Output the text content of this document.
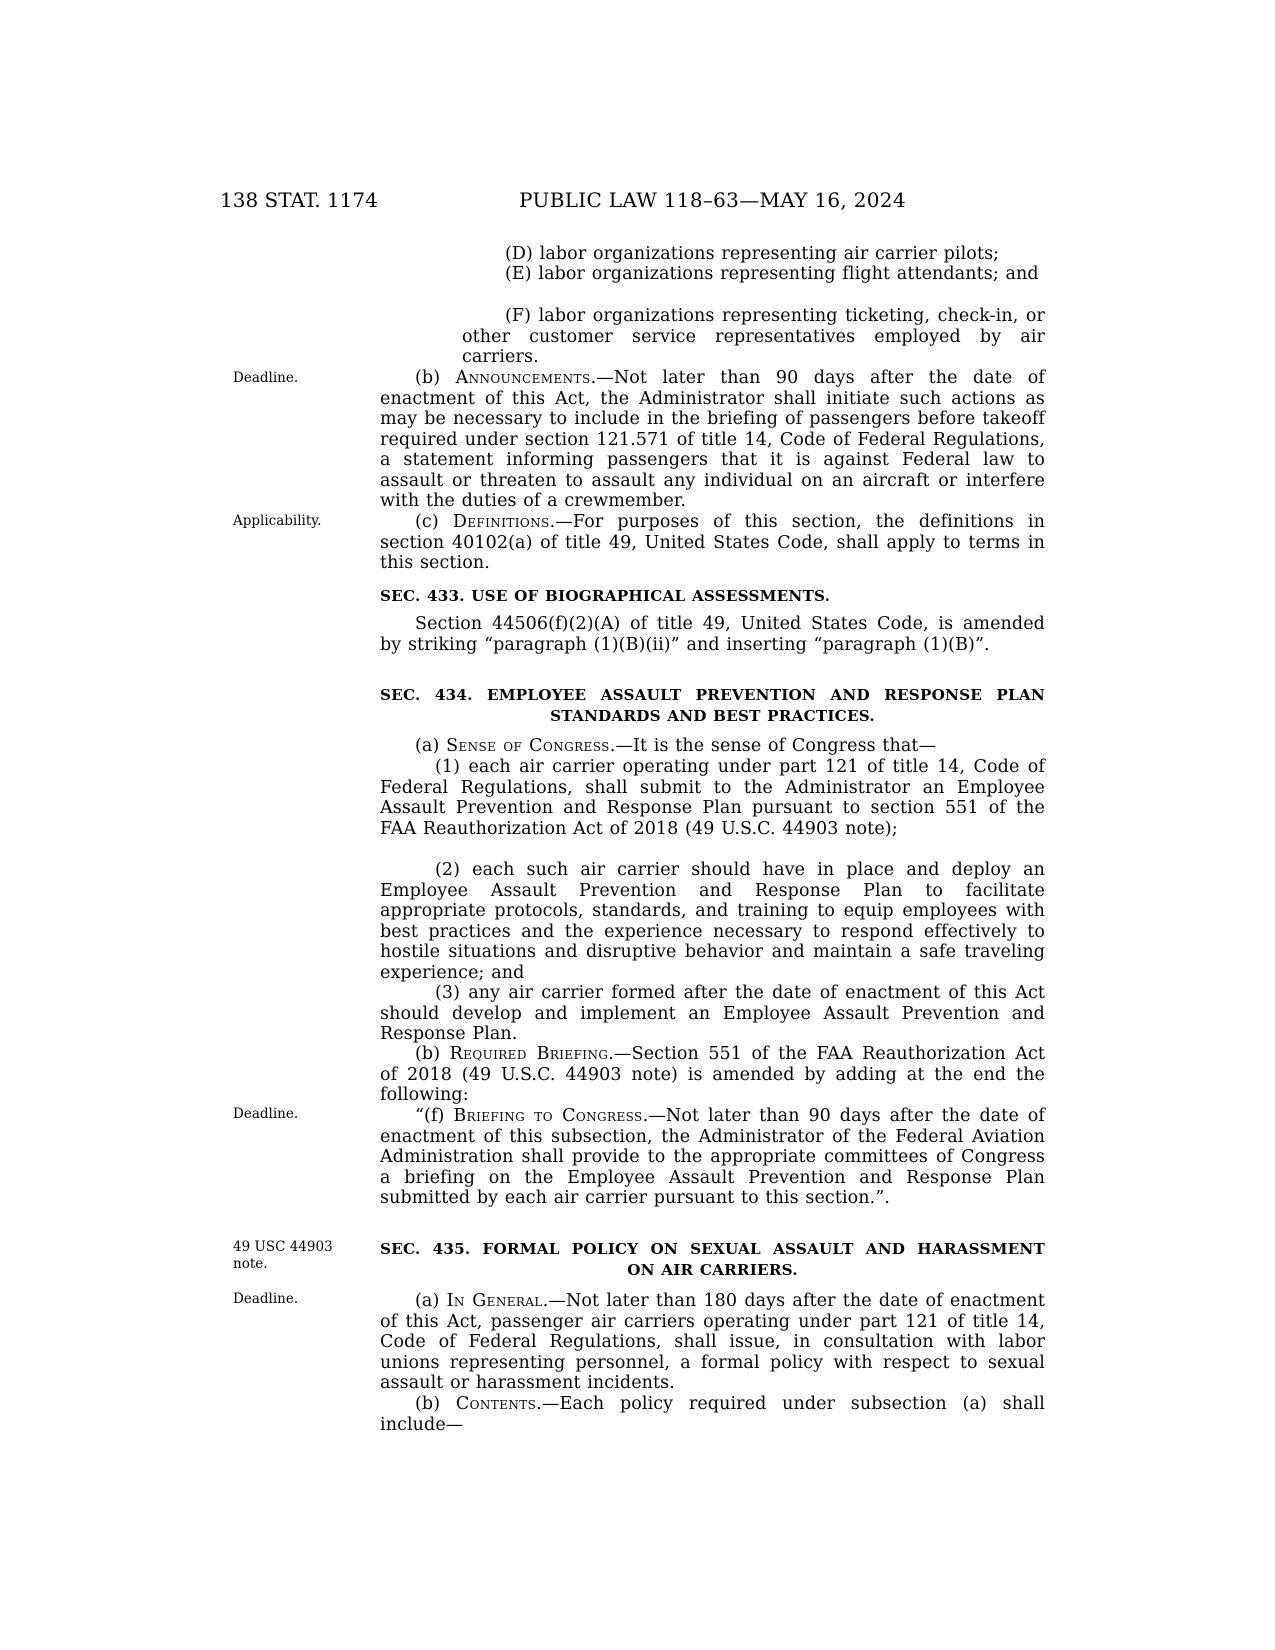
138 STAT. 1174	PUBLIC LAW 118–63—MAY 16, 2024
Deadline.
Applicability.
Deadline.
49 USC 44903
note.
Deadline.

(D) labor organizations representing air carrier pilots;

(E) labor organizations representing flight attendants; and

(F) labor organizations representing ticketing, check-in, or other customer service representatives employed by air carriers.

(b) Announcements.—Not later than 90 days after the date of enactment of this Act, the Administrator shall initiate such actions as may be necessary to include in the briefing of passengers before takeoff required under section 121.571 of title 14, Code of Federal Regulations, a statement informing passengers that it is against Federal law to assault or threaten to assault any individual on an aircraft or interfere with the duties of a crewmember.

(c) Definitions.—For purposes of this section, the definitions in section 40102(a) of title 49, United States Code, shall apply to terms in this section.

SEC. 433. USE OF BIOGRAPHICAL ASSESSMENTS.

Section 44506(f)(2)(A) of title 49, United States Code, is amended by striking “paragraph (1)(B)(ii)” and inserting “paragraph (1)(B)”.

SEC. 434. EMPLOYEE ASSAULT PREVENTION AND RESPONSE PLAN
STANDARDS AND BEST PRACTICES.

(a) Sense of Congress.—It is the sense of Congress that—

(1) each air carrier operating under part 121 of title 14, Code of Federal Regulations, shall submit to the Administrator an Employee Assault Prevention and Response Plan pursuant to section 551 of the FAA Reauthorization Act of 2018 (49 U.S.C. 44903 note);

(2) each such air carrier should have in place and deploy an Employee Assault Prevention and Response Plan to facilitate appropriate protocols, standards, and training to equip employees with best practices and the experience necessary to respond effectively to hostile situations and disruptive behavior and maintain a safe traveling experience; and

(3) any air carrier formed after the date of enactment of this Act should develop and implement an Employee Assault Prevention and Response Plan.

(b) Required Briefing.—Section 551 of the FAA Reauthorization Act of 2018 (49 U.S.C. 44903 note) is amended by adding at the end the following:

“(f) Briefing to Congress.—Not later than 90 days after the date of enactment of this subsection, the Administrator of the Federal Aviation Administration shall provide to the appropriate committees of Congress a briefing on the Employee Assault Prevention and Response Plan submitted by each air carrier pursuant to this section.”.

SEC. 435. FORMAL POLICY ON SEXUAL ASSAULT AND HARASSMENT
ON AIR CARRIERS.

(a) In General.—Not later than 180 days after the date of enactment of this Act, passenger air carriers operating under part 121 of title 14, Code of Federal Regulations, shall issue, in consultation with labor unions representing personnel, a formal policy with respect to sexual assault or harassment incidents.

(b) Contents.—Each policy required under subsection (a) shall include—
